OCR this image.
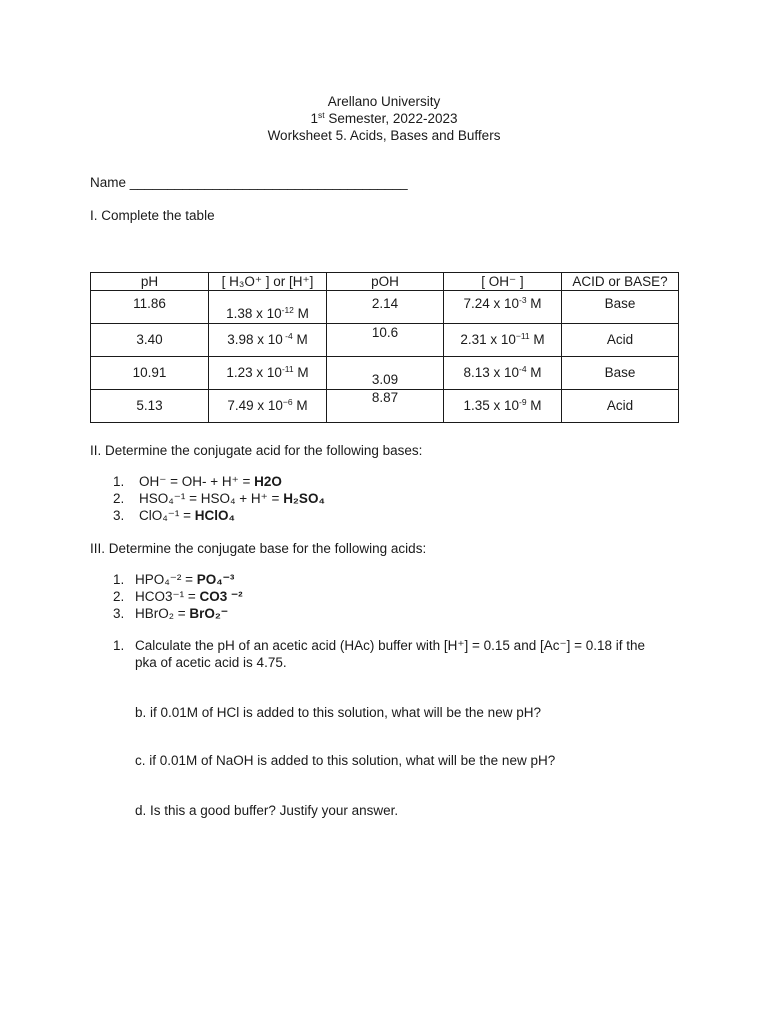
Arellano University
1st Semester, 2022-2023
Worksheet 5. Acids, Bases and Buffers
Name _____________________________________
I. Complete the table
pH	[ H₃O⁺ ] or [H⁺]	pOH	[ OH⁻ ]	ACID or BASE?

11.86	1.38 x $10^{-12}$ M	2.14	7.24 x $10^{-3}$ M	Base

3.40	3.98 x 10 $^{-4}$ M	10.6	2.31 x $10^{-11}$ M	Acid

10.91	1.23 x $10^{-11}$ M	3.09	8.13 x $10^{-4}$ M	Base

5.13	7.49 x $10^{-6}$ M	8.87	1.35 x $10^{-9}$ M	Acid
II. Determine the conjugate acid for the following bases:
1. OH⁻ = OH- + H⁺ = H2O
2. HSO₄⁻¹ = HSO₄ + H⁺ = H₂SO₄
3. ClO₄⁻¹ = HClO₄
III. Determine the conjugate base for the following acids:
1. HPO₄⁻² = PO₄⁻³
2. HCO3⁻¹ = CO3 ⁻²
3. HBrO₂ = BrO₂⁻
1. Calculate the pH of an acetic acid (HAc) buffer with [H⁺] = 0.15 and [Ac⁻] = 0.18 if the
pka of acetic acid is 4.75.
b. if 0.01M of HCl is added to this solution, what will be the new pH?
c. if 0.01M of NaOH is added to this solution, what will be the new pH?
d. Is this a good buffer? Justify your answer.
